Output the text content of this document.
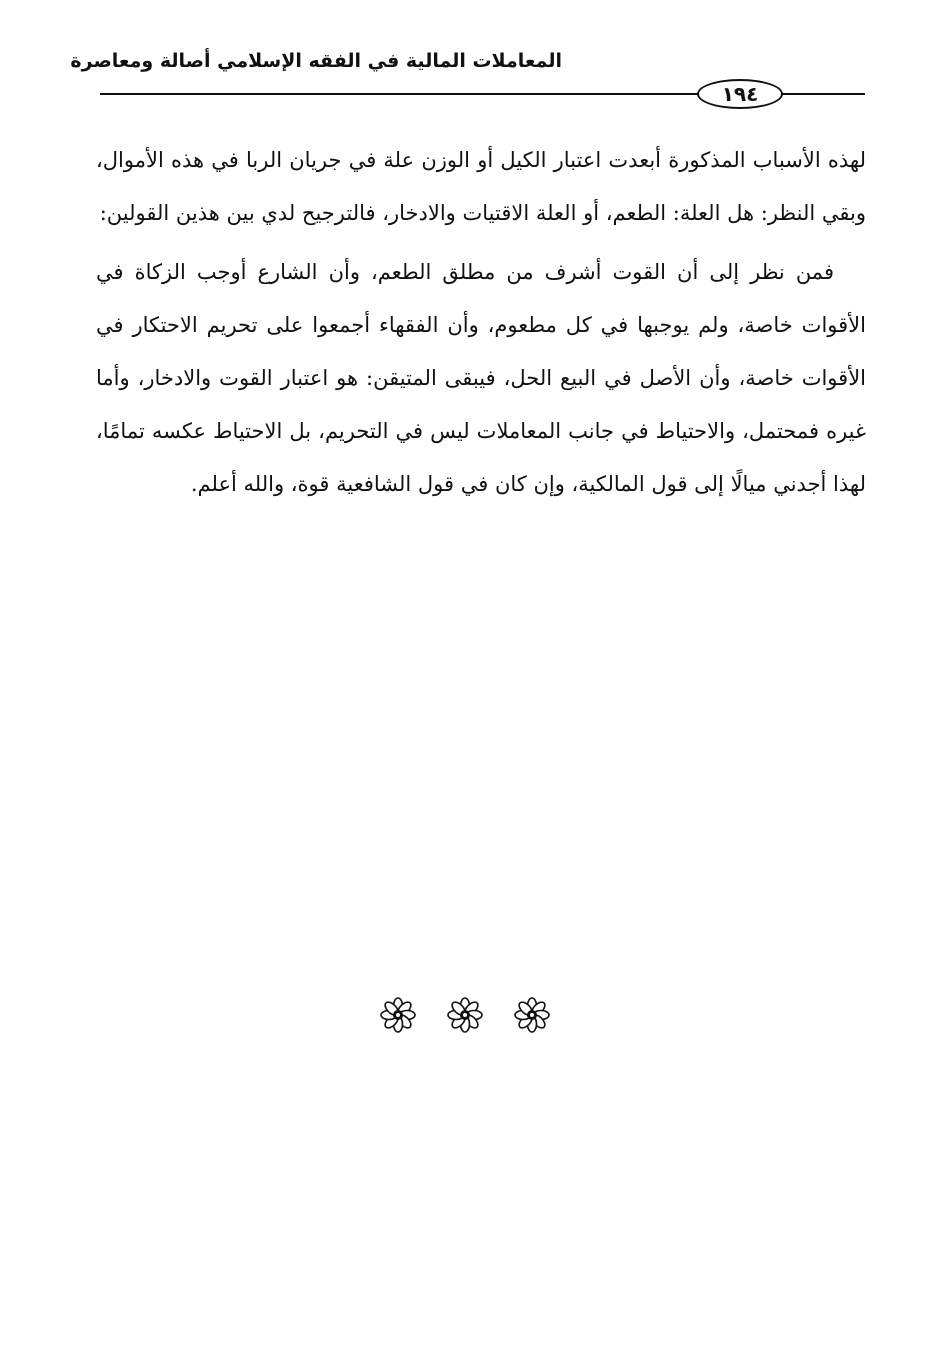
المعاملات المالية في الفقه الإسلامي أصالة ومعاصرة
١٩٤

لهذه الأسباب المذكورة أبعدت اعتبار الكيل أو الوزن علة في جريان الربا في هذه الأموال، وبقي النظر: هل العلة: الطعم، أو العلة الاقتيات والادخار، فالترجيح لدي بين هذين القولين:

فمن نظر إلى أن القوت أشرف من مطلق الطعم، وأن الشارع أوجب الزكاة في الأقوات خاصة، ولم يوجبها في كل مطعوم، وأن الفقهاء أجمعوا على تحريم الاحتكار في الأقوات خاصة، وأن الأصل في البيع الحل، فيبقى المتيقن: هو اعتبار القوت والادخار، وأما غيره فمحتمل، والاحتياط في جانب المعاملات ليس في التحريم، بل الاحتياط عكسه تمامًا، لهذا أجدني ميالًا إلى قول المالكية، وإن كان في قول الشافعية قوة، والله أعلم.
